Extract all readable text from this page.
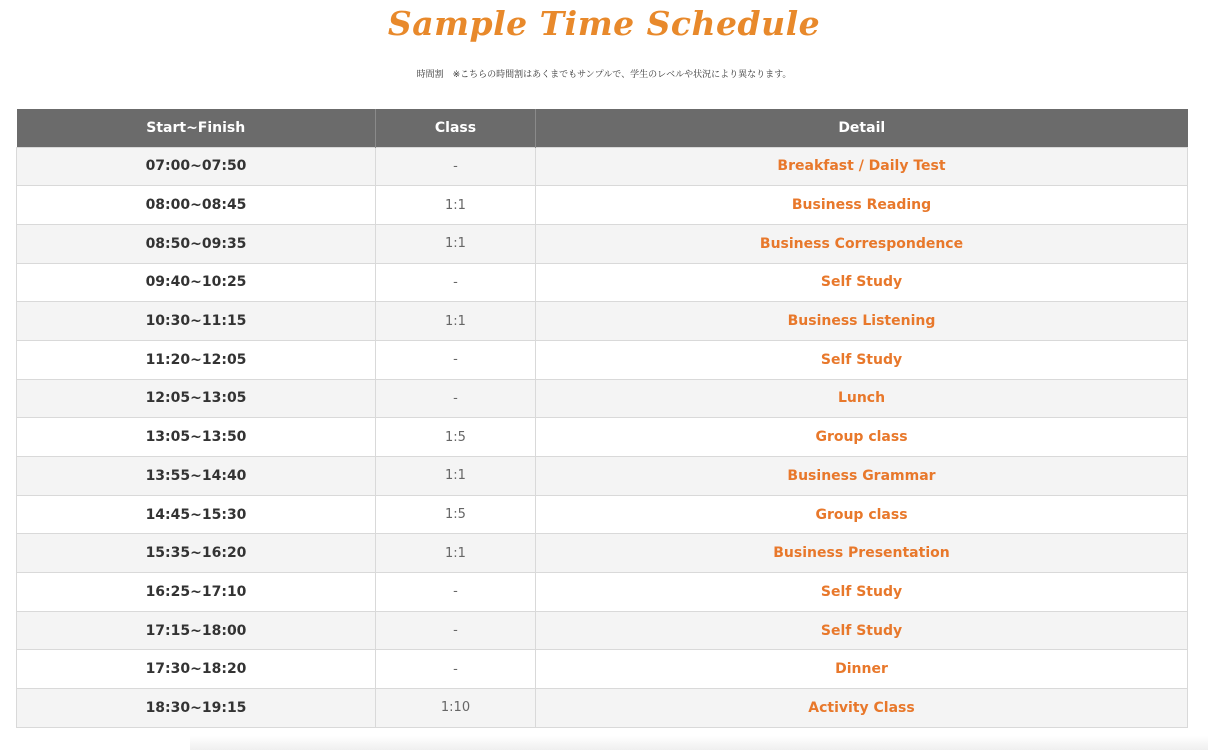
Sample Time Schedule

時間割　※こちらの時間割はあくまでもサンプルで、学生のレベルや状況により異なります。

Start~Finish	Class	Detail
07:00~07:50	-	Breakfast / Daily Test
08:00~08:45	1:1	Business Reading
08:50~09:35	1:1	Business Correspondence
09:40~10:25	-	Self Study
10:30~11:15	1:1	Business Listening
11:20~12:05	-	Self Study
12:05~13:05	-	Lunch
13:05~13:50	1:5	Group class
13:55~14:40	1:1	Business Grammar
14:45~15:30	1:5	Group class
15:35~16:20	1:1	Business Presentation
16:25~17:10	-	Self Study
17:15~18:00	-	Self Study
17:30~18:20	-	Dinner
18:30~19:15	1:10	Activity Class
